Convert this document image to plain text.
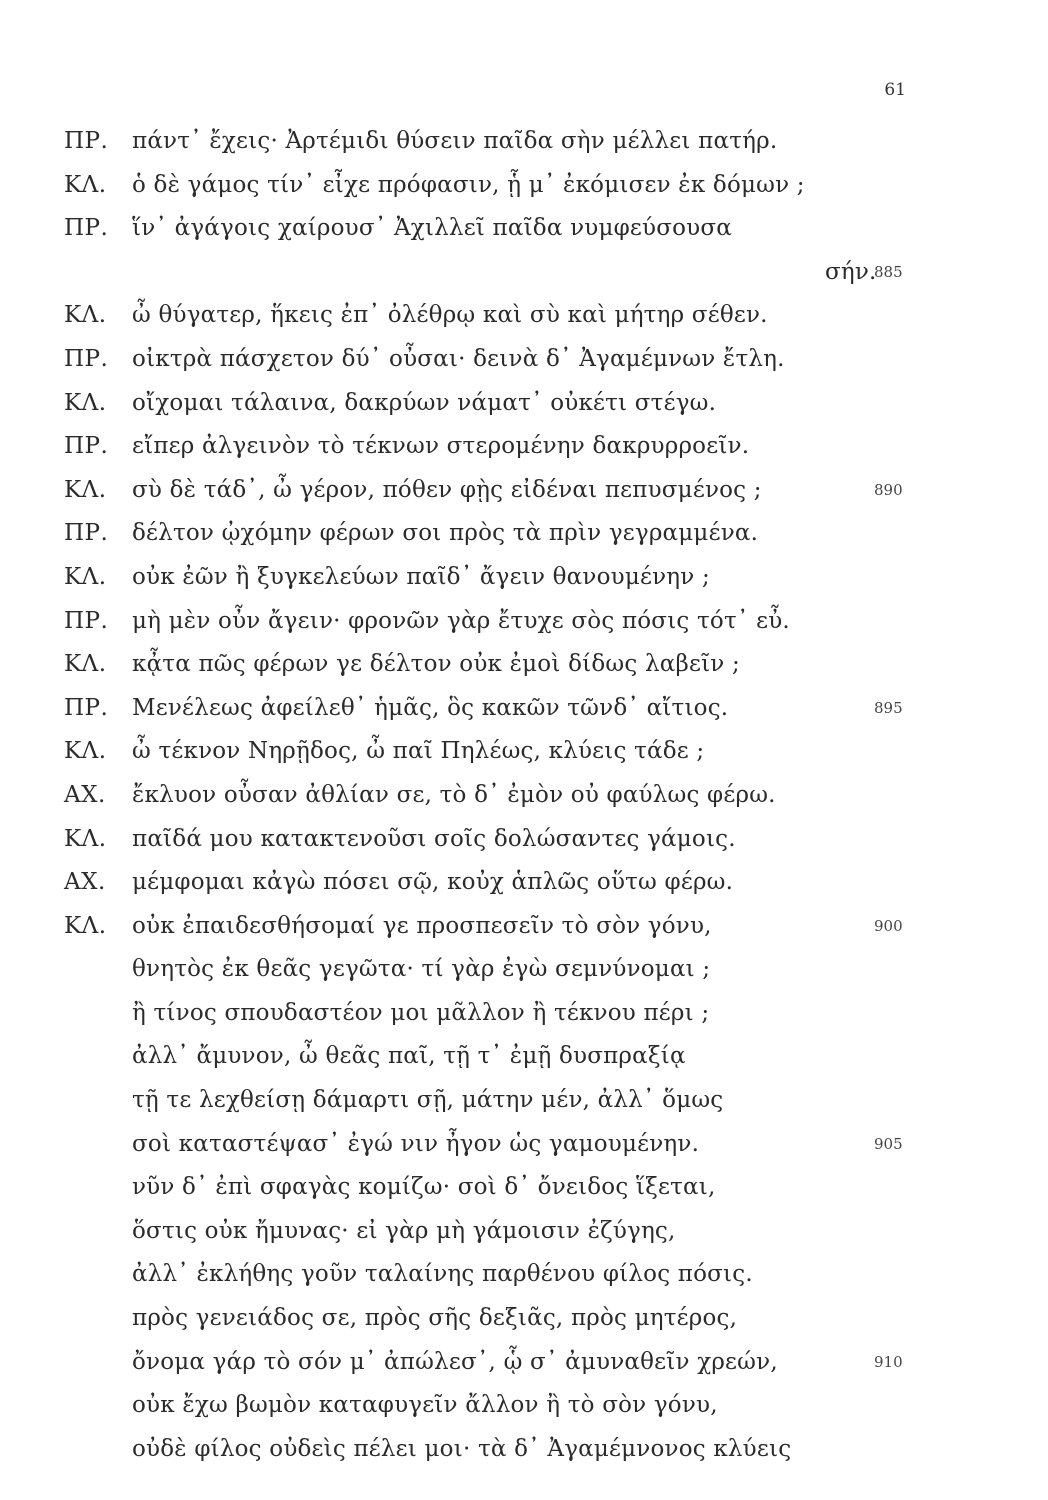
61
ΠΡ.	πάντ᾽ ἔχεις· Ἀρτέμιδι θύσειν παῖδα σὴν μέλλει πατήρ.
ΚΛ.	ὁ δὲ γάμος τίν᾽ εἶχε πρόφασιν, ᾗ μ᾽ ἐκόμισεν ἐκ δόμων ;
ΠΡ.	ἵν᾽ ἀγάγοις χαίρουσ᾽ Ἀχιλλεῖ παῖδα νυμφεύσουσα
σήν.
885
ΚΛ.	ὦ θύγατερ, ἥκεις ἐπ᾽ ὀλέθρῳ καὶ σὺ καὶ μήτηρ σέθεν.
ΠΡ.	οἰκτρὰ πάσχετον δύ᾽ οὖσαι· δεινὰ δ᾽ Ἀγαμέμνων ἔτλη.
ΚΛ.	οἴχομαι τάλαινα, δακρύων νάματ᾽ οὐκέτι στέγω.
ΠΡ.	εἴπερ ἀλγεινὸν τὸ τέκνων στερομένην δακρυρροεῖν.
ΚΛ.	σὺ δὲ τάδ᾽, ὦ γέρον, πόθεν φῂς εἰδέναι πεπυσμένος ;	890
ΠΡ.	δέλτον ᾠχόμην φέρων σοι πρὸς τὰ πρὶν γεγραμμένα.
ΚΛ.	οὐκ ἐῶν ἢ ξυγκελεύων παῖδ᾽ ἄγειν θανουμένην ;
ΠΡ.	μὴ μὲν οὖν ἄγειν· φρονῶν γὰρ ἔτυχε σὸς πόσις τότ᾽ εὖ.
ΚΛ.	κᾆτα πῶς φέρων γε δέλτον οὐκ ἐμοὶ δίδως λαβεῖν ;
ΠΡ.	Μενέλεως ἀφείλεθ᾽ ἡμᾶς, ὃς κακῶν τῶνδ᾽ αἴτιος.	895
ΚΛ.	ὦ τέκνον Νηρῇδος, ὦ παῖ Πηλέως, κλύεις τάδε ;
ΑΧ.	ἔκλυον οὖσαν ἀθλίαν σε, τὸ δ᾽ ἐμὸν οὐ φαύλως φέρω.
ΚΛ.	παῖδά μου κατακτενοῦσι σοῖς δολώσαντες γάμοις.
ΑΧ.	μέμφομαι κἀγὼ πόσει σῷ, κοὐχ ἁπλῶς οὕτω φέρω.
ΚΛ.	οὐκ ἐπαιδεσθήσομαί γε προσπεσεῖν τὸ σὸν γόνυ,	900
θνητὸς ἐκ θεᾶς γεγῶτα· τί γὰρ ἐγὼ σεμνύνομαι ;
ἢ τίνος σπουδαστέον μοι μᾶλλον ἢ τέκνου πέρι ;
ἀλλ᾽ ἄμυνον, ὦ θεᾶς παῖ, τῇ τ᾽ ἐμῇ δυσπραξίᾳ
τῇ τε λεχθείσῃ δάμαρτι σῇ, μάτην μέν, ἀλλ᾽ ὅμως
σοὶ καταστέψασ᾽ ἐγώ νιν ἦγον ὡς γαμουμένην.	905
νῦν δ᾽ ἐπὶ σφαγὰς κομίζω· σοὶ δ᾽ ὄνειδος ἵξεται,
ὅστις οὐκ ἤμυνας· εἰ γὰρ μὴ γάμοισιν ἐζύγης,
ἀλλ᾽ ἐκλήθης γοῦν ταλαίνης παρθένου φίλος πόσις.
πρὸς γενειάδος σε, πρὸς σῆς δεξιᾶς, πρὸς μητέρος,
ὄνομα γάρ τὸ σόν μ᾽ ἀπώλεσ᾽, ᾧ σ᾽ ἀμυναθεῖν χρεών,	910
οὐκ ἔχω βωμὸν καταφυγεῖν ἄλλον ἢ τὸ σὸν γόνυ,
οὐδὲ φίλος οὐδεὶς πέλει μοι· τὰ δ᾽ Ἀγαμέμνονος κλύεις
